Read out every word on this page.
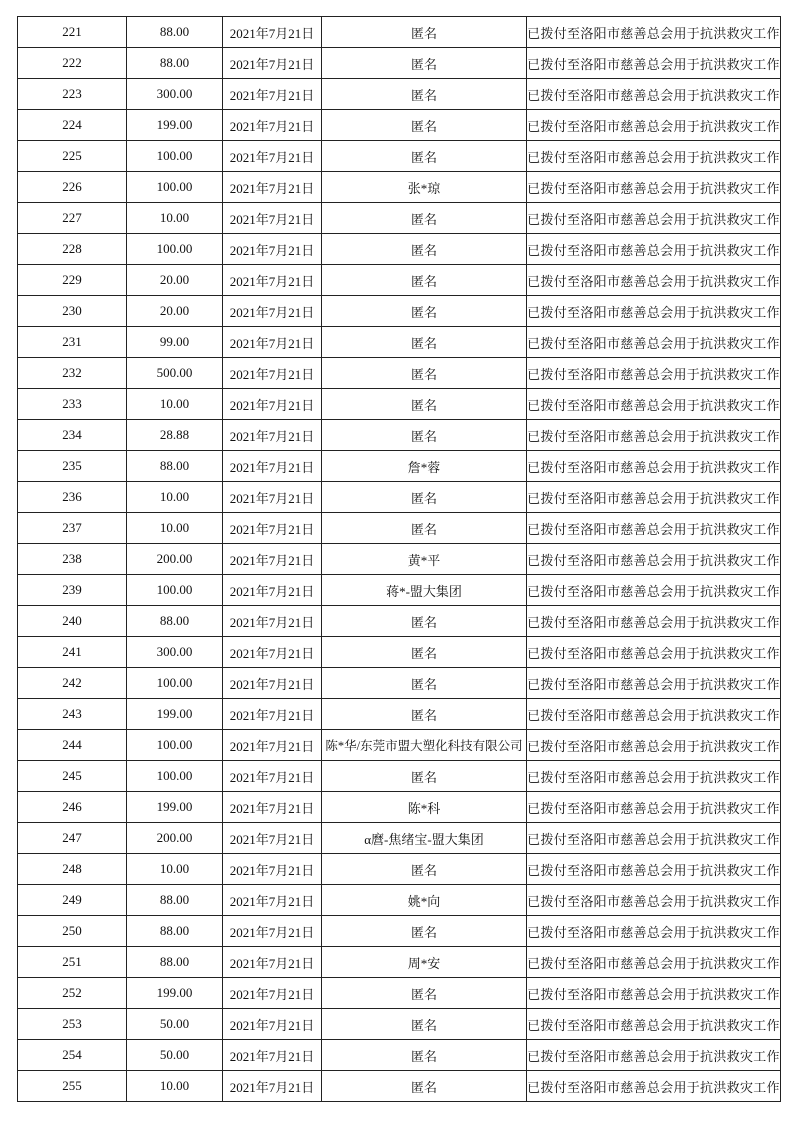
221	88.00	2021年7月21日	匿名	已拨付至洛阳市慈善总会用于抗洪救灾工作
222	88.00	2021年7月21日	匿名	已拨付至洛阳市慈善总会用于抗洪救灾工作
223	300.00	2021年7月21日	匿名	已拨付至洛阳市慈善总会用于抗洪救灾工作
224	199.00	2021年7月21日	匿名	已拨付至洛阳市慈善总会用于抗洪救灾工作
225	100.00	2021年7月21日	匿名	已拨付至洛阳市慈善总会用于抗洪救灾工作
226	100.00	2021年7月21日	张*琼	已拨付至洛阳市慈善总会用于抗洪救灾工作
227	10.00	2021年7月21日	匿名	已拨付至洛阳市慈善总会用于抗洪救灾工作
228	100.00	2021年7月21日	匿名	已拨付至洛阳市慈善总会用于抗洪救灾工作
229	20.00	2021年7月21日	匿名	已拨付至洛阳市慈善总会用于抗洪救灾工作
230	20.00	2021年7月21日	匿名	已拨付至洛阳市慈善总会用于抗洪救灾工作
231	99.00	2021年7月21日	匿名	已拨付至洛阳市慈善总会用于抗洪救灾工作
232	500.00	2021年7月21日	匿名	已拨付至洛阳市慈善总会用于抗洪救灾工作
233	10.00	2021年7月21日	匿名	已拨付至洛阳市慈善总会用于抗洪救灾工作
234	28.88	2021年7月21日	匿名	已拨付至洛阳市慈善总会用于抗洪救灾工作
235	88.00	2021年7月21日	詹*蓉	已拨付至洛阳市慈善总会用于抗洪救灾工作
236	10.00	2021年7月21日	匿名	已拨付至洛阳市慈善总会用于抗洪救灾工作
237	10.00	2021年7月21日	匿名	已拨付至洛阳市慈善总会用于抗洪救灾工作
238	200.00	2021年7月21日	黄*平	已拨付至洛阳市慈善总会用于抗洪救灾工作
239	100.00	2021年7月21日	蒋*-盟大集团	已拨付至洛阳市慈善总会用于抗洪救灾工作
240	88.00	2021年7月21日	匿名	已拨付至洛阳市慈善总会用于抗洪救灾工作
241	300.00	2021年7月21日	匿名	已拨付至洛阳市慈善总会用于抗洪救灾工作
242	100.00	2021年7月21日	匿名	已拨付至洛阳市慈善总会用于抗洪救灾工作
243	199.00	2021年7月21日	匿名	已拨付至洛阳市慈善总会用于抗洪救灾工作
244	100.00	2021年7月21日	陈*华/东莞市盟大塑化科技有限公司	已拨付至洛阳市慈善总会用于抗洪救灾工作
245	100.00	2021年7月21日	匿名	已拨付至洛阳市慈善总会用于抗洪救灾工作
246	199.00	2021年7月21日	陈*科	已拨付至洛阳市慈善总会用于抗洪救灾工作
247	200.00	2021年7月21日	α麿-焦绪宝-盟大集团	已拨付至洛阳市慈善总会用于抗洪救灾工作
248	10.00	2021年7月21日	匿名	已拨付至洛阳市慈善总会用于抗洪救灾工作
249	88.00	2021年7月21日	姚*向	已拨付至洛阳市慈善总会用于抗洪救灾工作
250	88.00	2021年7月21日	匿名	已拨付至洛阳市慈善总会用于抗洪救灾工作
251	88.00	2021年7月21日	周*安	已拨付至洛阳市慈善总会用于抗洪救灾工作
252	199.00	2021年7月21日	匿名	已拨付至洛阳市慈善总会用于抗洪救灾工作
253	50.00	2021年7月21日	匿名	已拨付至洛阳市慈善总会用于抗洪救灾工作
254	50.00	2021年7月21日	匿名	已拨付至洛阳市慈善总会用于抗洪救灾工作
255	10.00	2021年7月21日	匿名	已拨付至洛阳市慈善总会用于抗洪救灾工作
